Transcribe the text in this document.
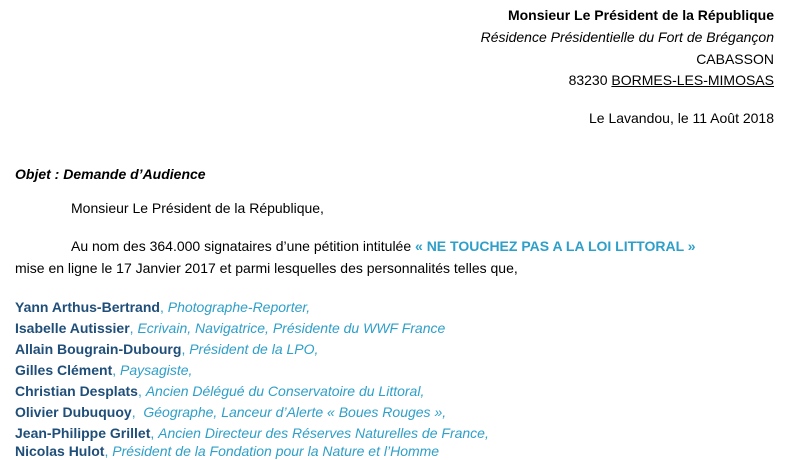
Monsieur Le Président de la République
Résidence Présidentielle du Fort de Brégançon
CABASSON
83230 BORMES-LES-MIMOSAS
Le Lavandou, le 11 Août 2018
Objet : Demande d’Audience
Monsieur Le Président de la République,
Au nom des 364.000 signataires d’une pétition intitulée « NE TOUCHEZ PAS A LA LOI LITTORAL »
mise en ligne le 17 Janvier 2017 et parmi lesquelles des personnalités telles que,
Yann Arthus-Bertrand, Photographe-Reporter,
Isabelle Autissier, Ecrivain, Navigatrice, Présidente du WWF France
Allain Bougrain-Dubourg, Président de la LPO,
Gilles Clément, Paysagiste,
Christian Desplats, Ancien Délégué du Conservatoire du Littoral,
Olivier Dubuquoy,  Géographe, Lanceur d’Alerte « Boues Rouges »,
Jean-Philippe Grillet, Ancien Directeur des Réserves Naturelles de France,
Nicolas Hulot, Président de la Fondation pour la Nature et l’Homme
